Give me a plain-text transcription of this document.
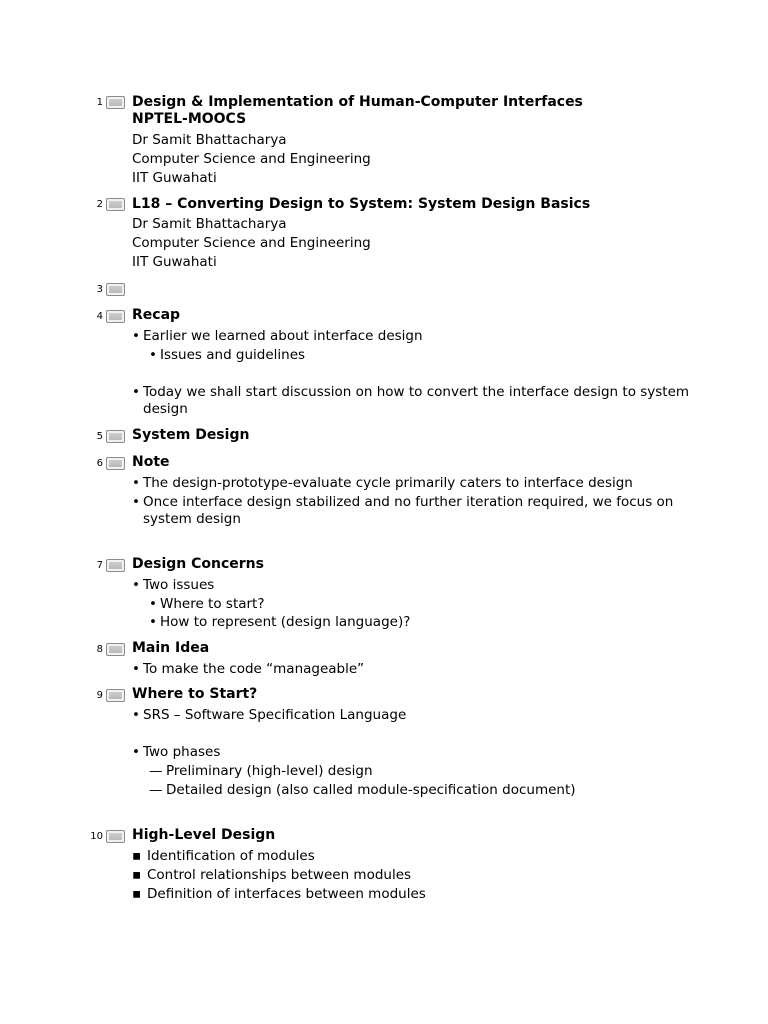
1 Design & Implementation of Human-Computer Interfaces
NPTEL-MOOCS
Dr Samit Bhattacharya
Computer Science and Engineering
IIT Guwahati
2 L18 – Converting Design to System: System Design Basics
Dr Samit Bhattacharya
Computer Science and Engineering
IIT Guwahati
3
4 Recap
• Earlier we learned about interface design
• Issues and guidelines
• Today we shall start discussion on how to convert the interface design to system
design
5 System Design
6 Note
• The design-prototype-evaluate cycle primarily caters to interface design
• Once interface design stabilized and no further iteration required, we focus on
system design
7 Design Concerns
• Two issues
• Where to start?
• How to represent (design language)?
8 Main Idea
• To make the code “manageable”
9 Where to Start?
• SRS – Software Specification Language
• Two phases
— Preliminary (high-level) design
— Detailed design (also called module-specification document)
10 High-Level Design
▪ Identification of modules
▪ Control relationships between modules
▪ Definition of interfaces between modules
